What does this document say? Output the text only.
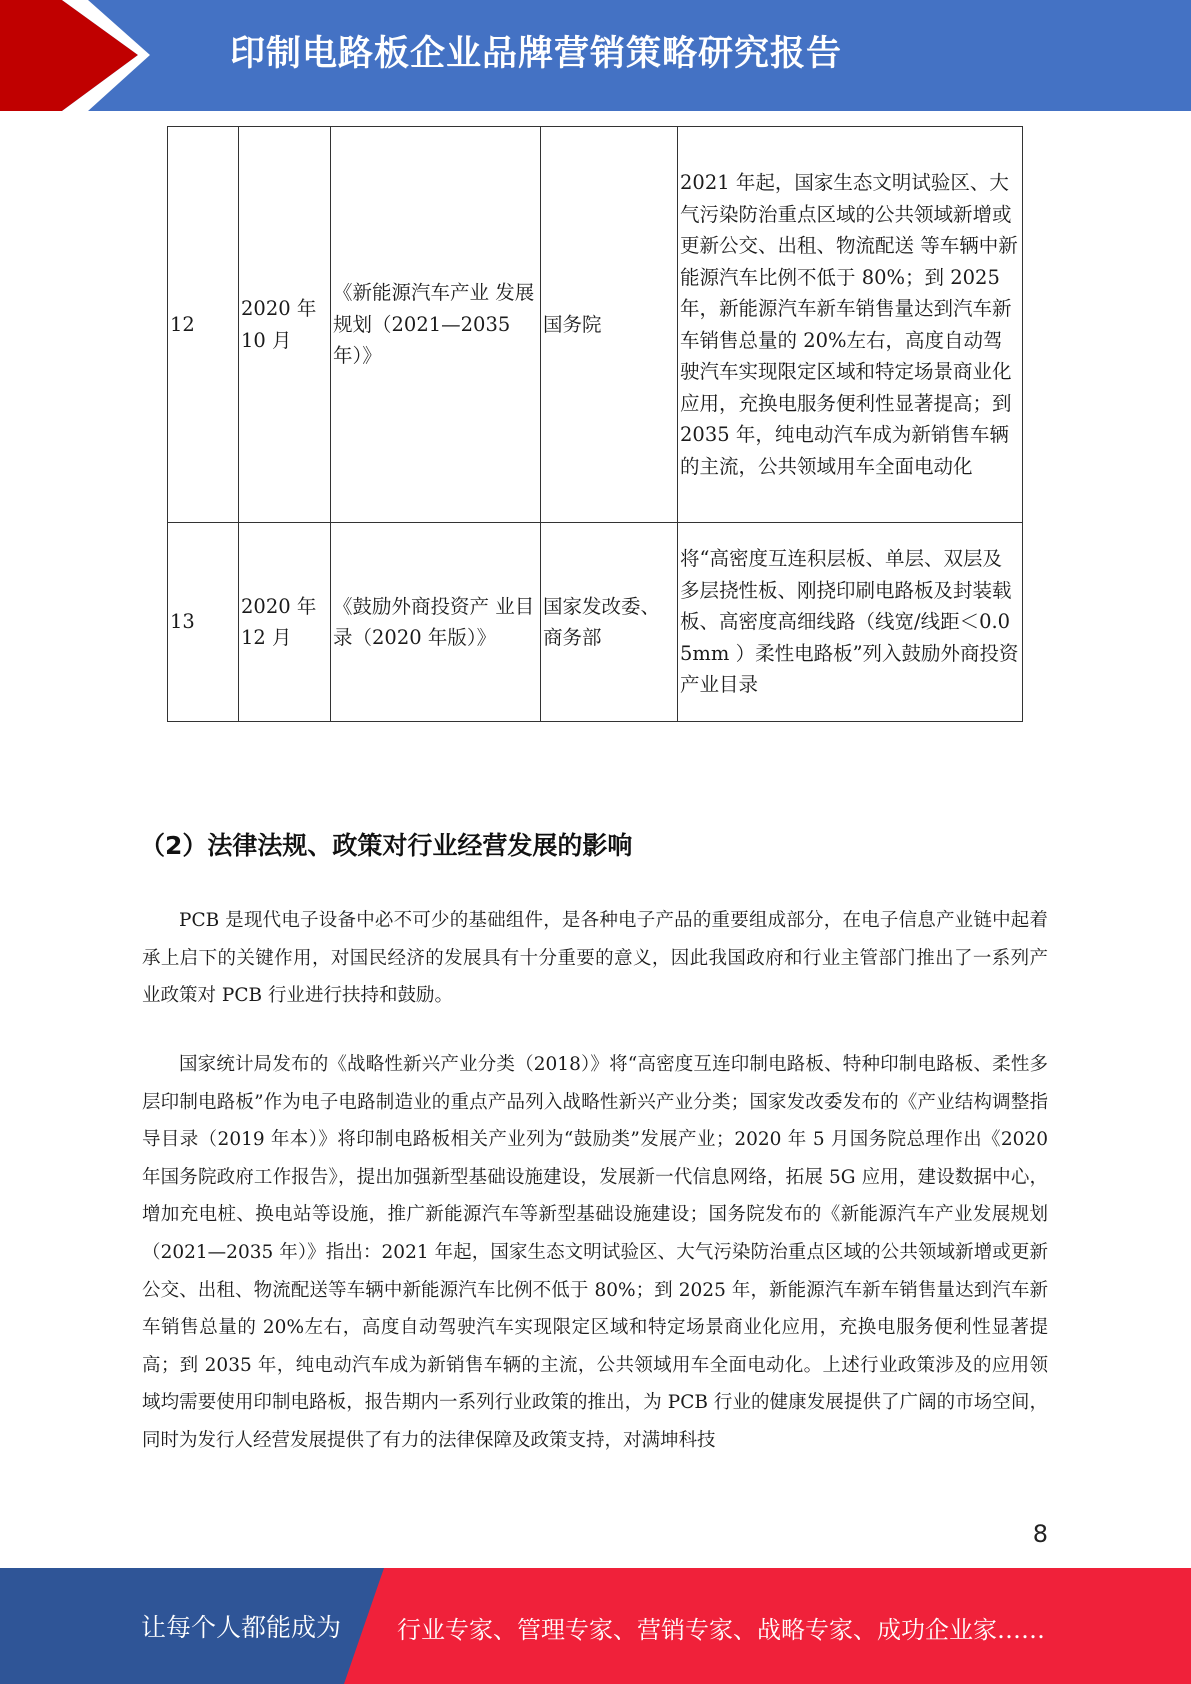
印制电路板企业品牌营销策略研究报告
12	2020 年 10 月	《新能源汽车产业 发展规划（2021—2035 年）》	国务院	2021 年起，国家生态文明试验区、大气污染防治重点区域的公共领域新增或更新公交、出租、物流配送 等车辆中新能源汽车比例不低于 80%；到 2025 年，新能源汽车新车销售量达到汽车新车销售总量的 20%左右，高度自动驾驶汽车实现限定区域和特定场景商业化应用，充换电服务便利性显著提高；到 2035 年，纯电动汽车成为新销售车辆的主流，公共领域用车全面电动化
13	2020 年 12 月	《鼓励外商投资产 业目录（2020 年版）》	国家发改委、商务部	将“高密度互连积层板、单层、双层及多层挠性板、刚挠印刷电路板及封装载板、高密度高细线路（线宽/线距＜0.05mm ）柔性电路板”列入鼓励外商投资产业目录
（2）法律法规、政策对行业经营发展的影响

PCB 是现代电子设备中必不可少的基础组件，是各种电子产品的重要组成部分，在电子信息产业链中起着承上启下的关键作用，对国民经济的发展具有十分重要的意义，因此我国政府和行业主管部门推出了一系列产业政策对 PCB 行业进行扶持和鼓励。

国家统计局发布的《战略性新兴产业分类（2018）》将“高密度互连印制电路板、特种印制电路板、柔性多层印制电路板”作为电子电路制造业的重点产品列入战略性新兴产业分类；国家发改委发布的《产业结构调整指导目录（2019 年本）》将印制电路板相关产业列为“鼓励类”发展产业；2020 年 5 月国务院总理作出《2020 年国务院政府工作报告》，提出加强新型基础设施建设，发展新一代信息网络，拓展 5G 应用，建设数据中心，增加充电桩、换电站等设施，推广新能源汽车等新型基础设施建设；国务院发布的《新能源汽车产业发展规划（2021—2035 年）》指出：2021 年起，国家生态文明试验区、大气污染防治重点区域的公共领域新增或更新公交、出租、物流配送等车辆中新能源汽车比例不低于 80%；到 2025 年，新能源汽车新车销售量达到汽车新车销售总量的 20%左右，高度自动驾驶汽车实现限定区域和特定场景商业化应用，充换电服务便利性显著提高；到 2035 年，纯电动汽车成为新销售车辆的主流，公共领域用车全面电动化。上述行业政策涉及的应用领域均需要使用印制电路板，报告期内一系列行业政策的推出，为 PCB 行业的健康发展提供了广阔的市场空间，同时为发行人经营发展提供了有力的法律保障及政策支持，对满坤科技

8
让每个人都能成为 行业专家、管理专家、营销专家、战略专家、成功企业家……
